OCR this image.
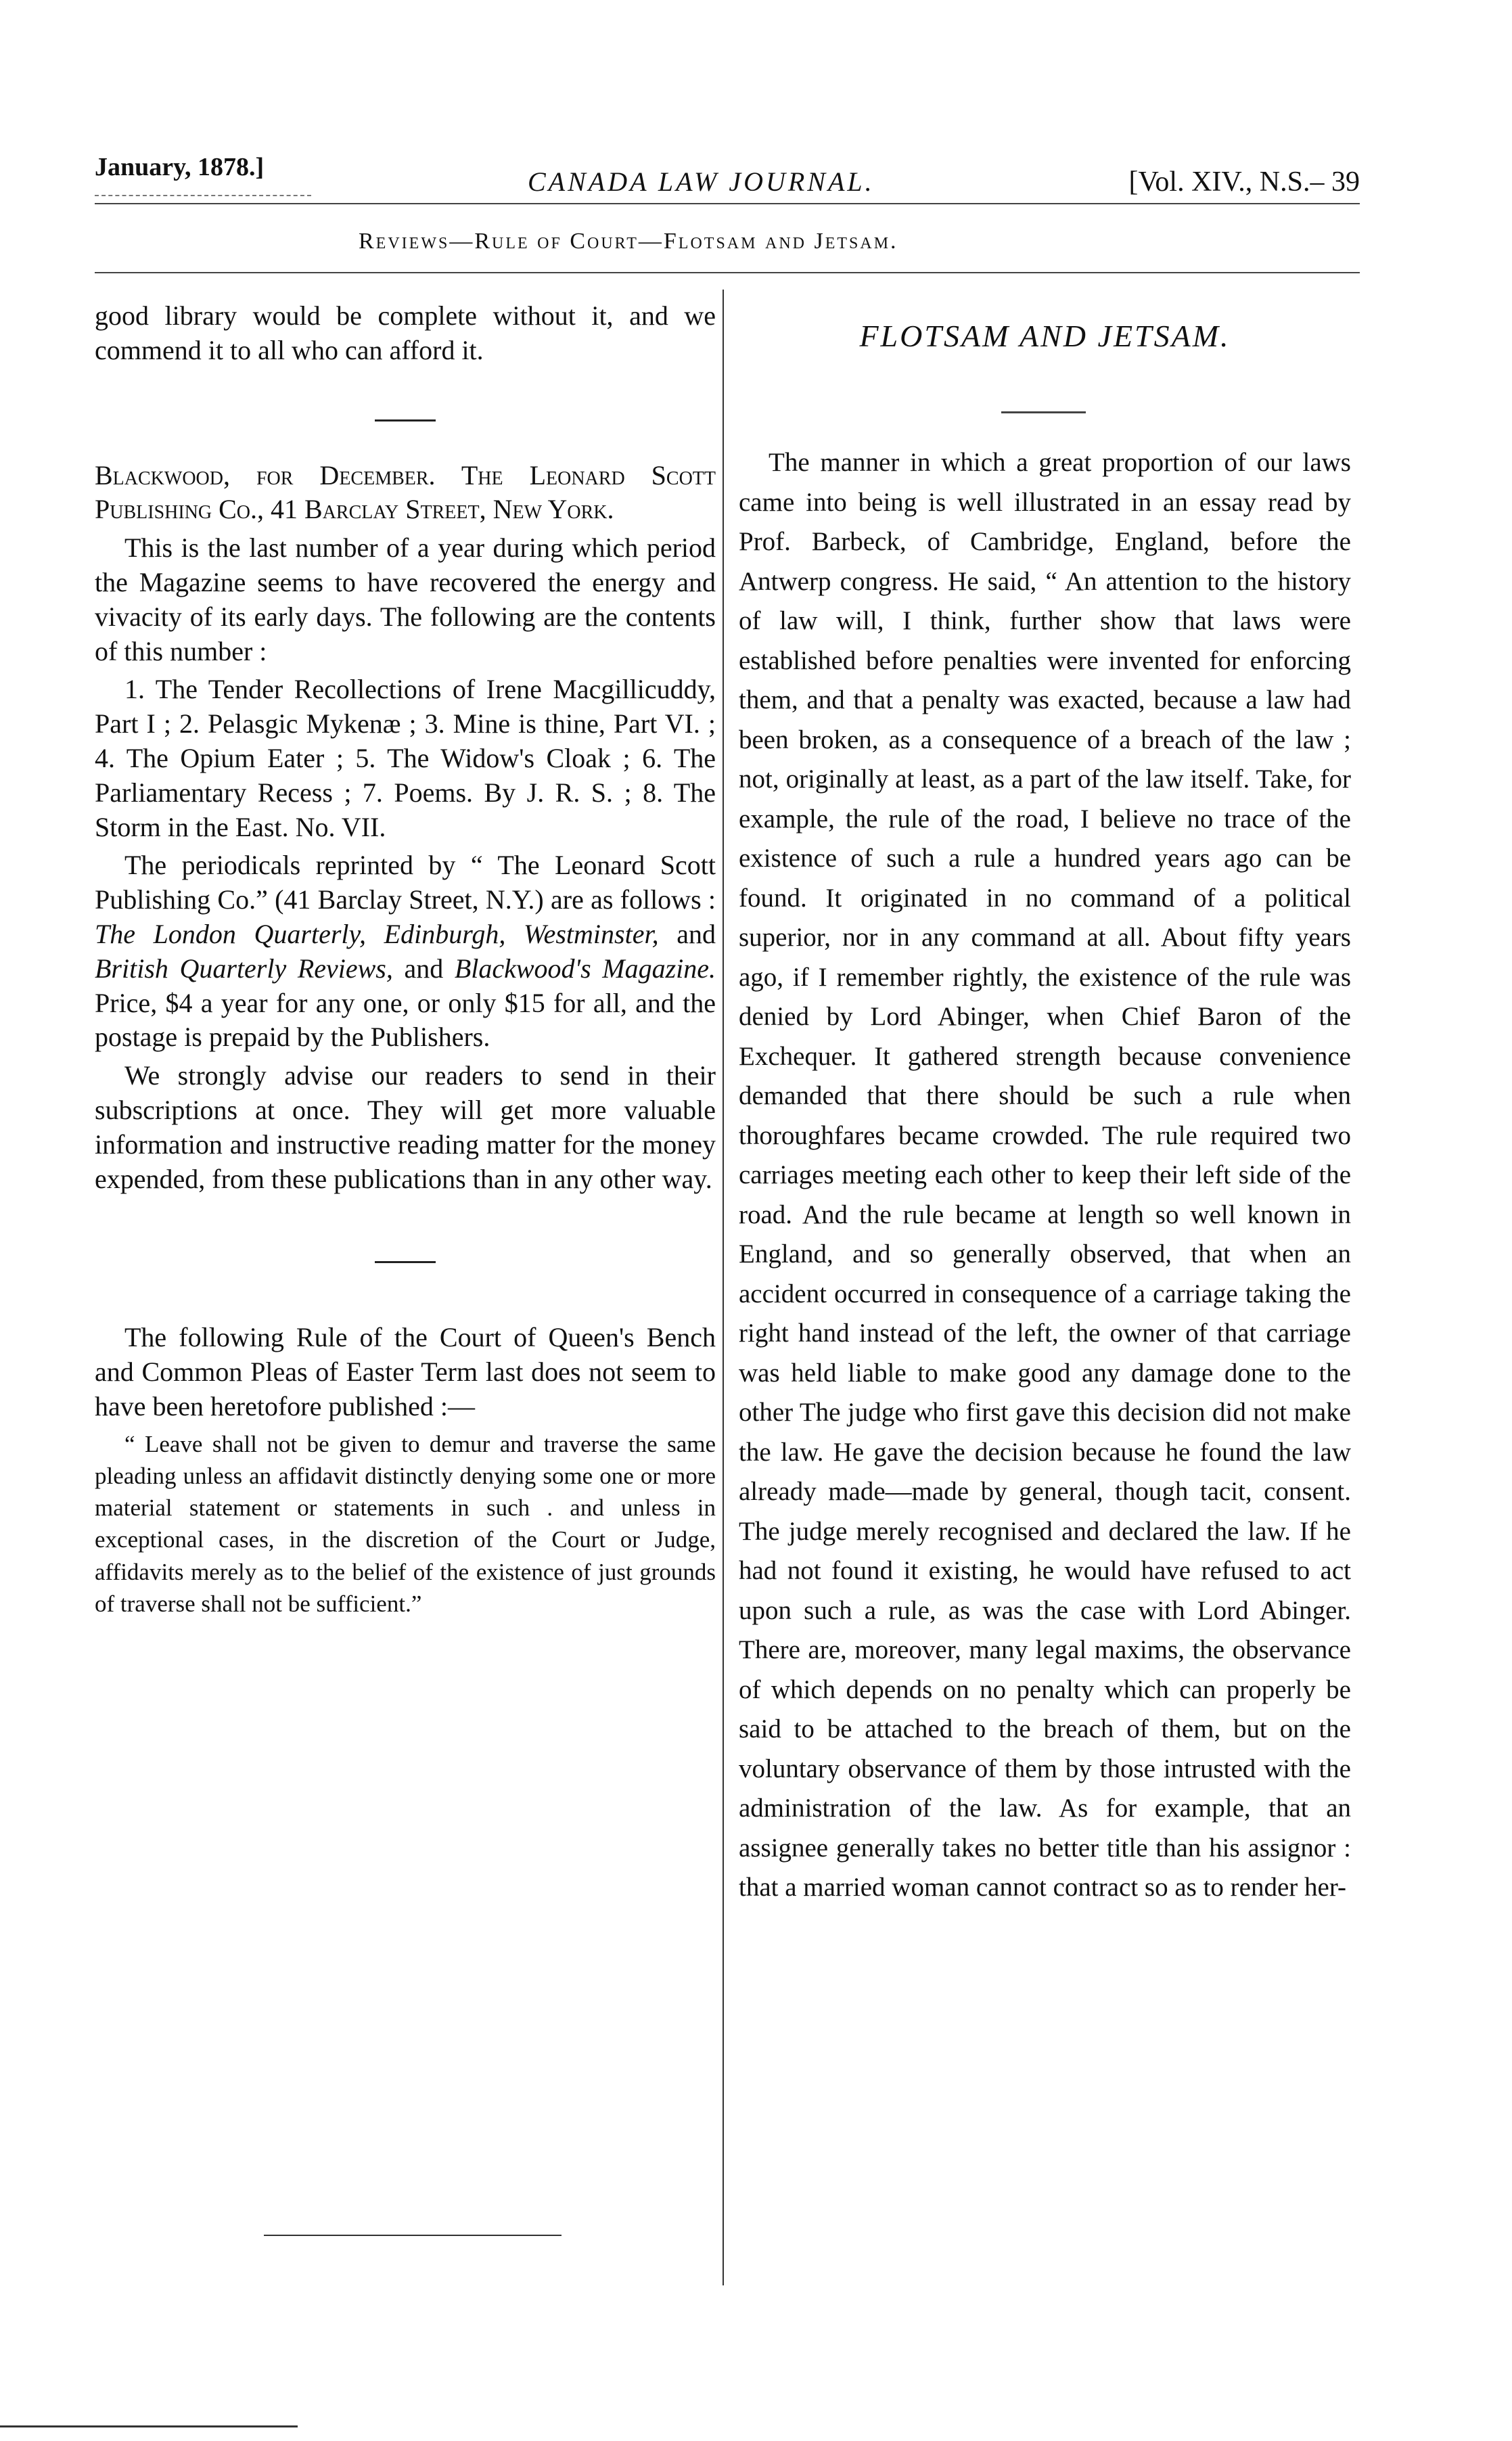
January, 1878.]	CANADA LAW JOURNAL.	[Vol. XIV., N.S.– 39
Reviews—Rule of Court—Flotsam and Jetsam.

good library would be complete without it, and we commend it to all who can afford it.

Blackwood, for December. The Leonard Scott Publishing Co., 41 Barclay Street, New York.

This is the last number of a year during which period the Magazine seems to have recovered the energy and vivacity of its early days. The following are the contents of this number :

1. The Tender Recollections of Irene Macgillicuddy, Part I ; 2. Pelasgic Mykenæ ; 3. Mine is thine, Part VI. ; 4. The Opium Eater ; 5. The Widow's Cloak ; 6. The Parliamentary Recess ; 7. Poems. By J. R. S. ; 8. The Storm in the East. No. VII.

The periodicals reprinted by “ The Leonard Scott Publishing Co.” (41 Barclay Street, N.Y.) are as follows : The London Quarterly, Edinburgh, Westminster, and British Quarterly Reviews, and Blackwood's Magazine. Price, $4 a year for any one, or only $15 for all, and the postage is prepaid by the Publishers.

We strongly advise our readers to send in their subscriptions at once. They will get more valuable information and instructive reading matter for the money expended, from these publications than in any other way.

The following Rule of the Court of Queen's Bench and Common Pleas of Easter Term last does not seem to have been heretofore published :—

“ Leave shall not be given to demur and traverse the same pleading unless an affidavit distinctly denying some one or more material statement or statements in such . and unless in exceptional cases, in the discretion of the Court or Judge, affidavits merely as to the belief of the existence of just grounds of traverse shall not be sufficient.”

FLOTSAM AND JETSAM.

The manner in which a great proportion of our laws came into being is well illustrated in an essay read by Prof. Barbeck, of Cambridge, England, before the Antwerp congress. He said, “ An attention to the history of law will, I think, further show that laws were established before penalties were invented for enforcing them, and that a penalty was exacted, because a law had been broken, as a consequence of a breach of the law ; not, originally at least, as a part of the law itself. Take, for example, the rule of the road, I believe no trace of the existence of such a rule a hundred years ago can be found. It originated in no command of a political superior, nor in any command at all. About fifty years ago, if I remember rightly, the existence of the rule was denied by Lord Abinger, when Chief Baron of the Exchequer. It gathered strength because convenience demanded that there should be such a rule when thoroughfares became crowded. The rule required two carriages meeting each other to keep their left side of the road. And the rule became at length so well known in England, and so generally observed, that when an accident occurred in consequence of a carriage taking the right hand instead of the left, the owner of that carriage was held liable to make good any damage done to the other The judge who first gave this decision did not make the law. He gave the decision because he found the law already made—made by general, though tacit, consent. The judge merely recognised and declared the law. If he had not found it existing, he would have refused to act upon such a rule, as was the case with Lord Abinger. There are, moreover, many legal maxims, the observance of which depends on no penalty which can properly be said to be attached to the breach of them, but on the voluntary observance of them by those intrusted with the administration of the law. As for example, that an assignee generally takes no better title than his assignor : that a married woman cannot contract so as to render her-
